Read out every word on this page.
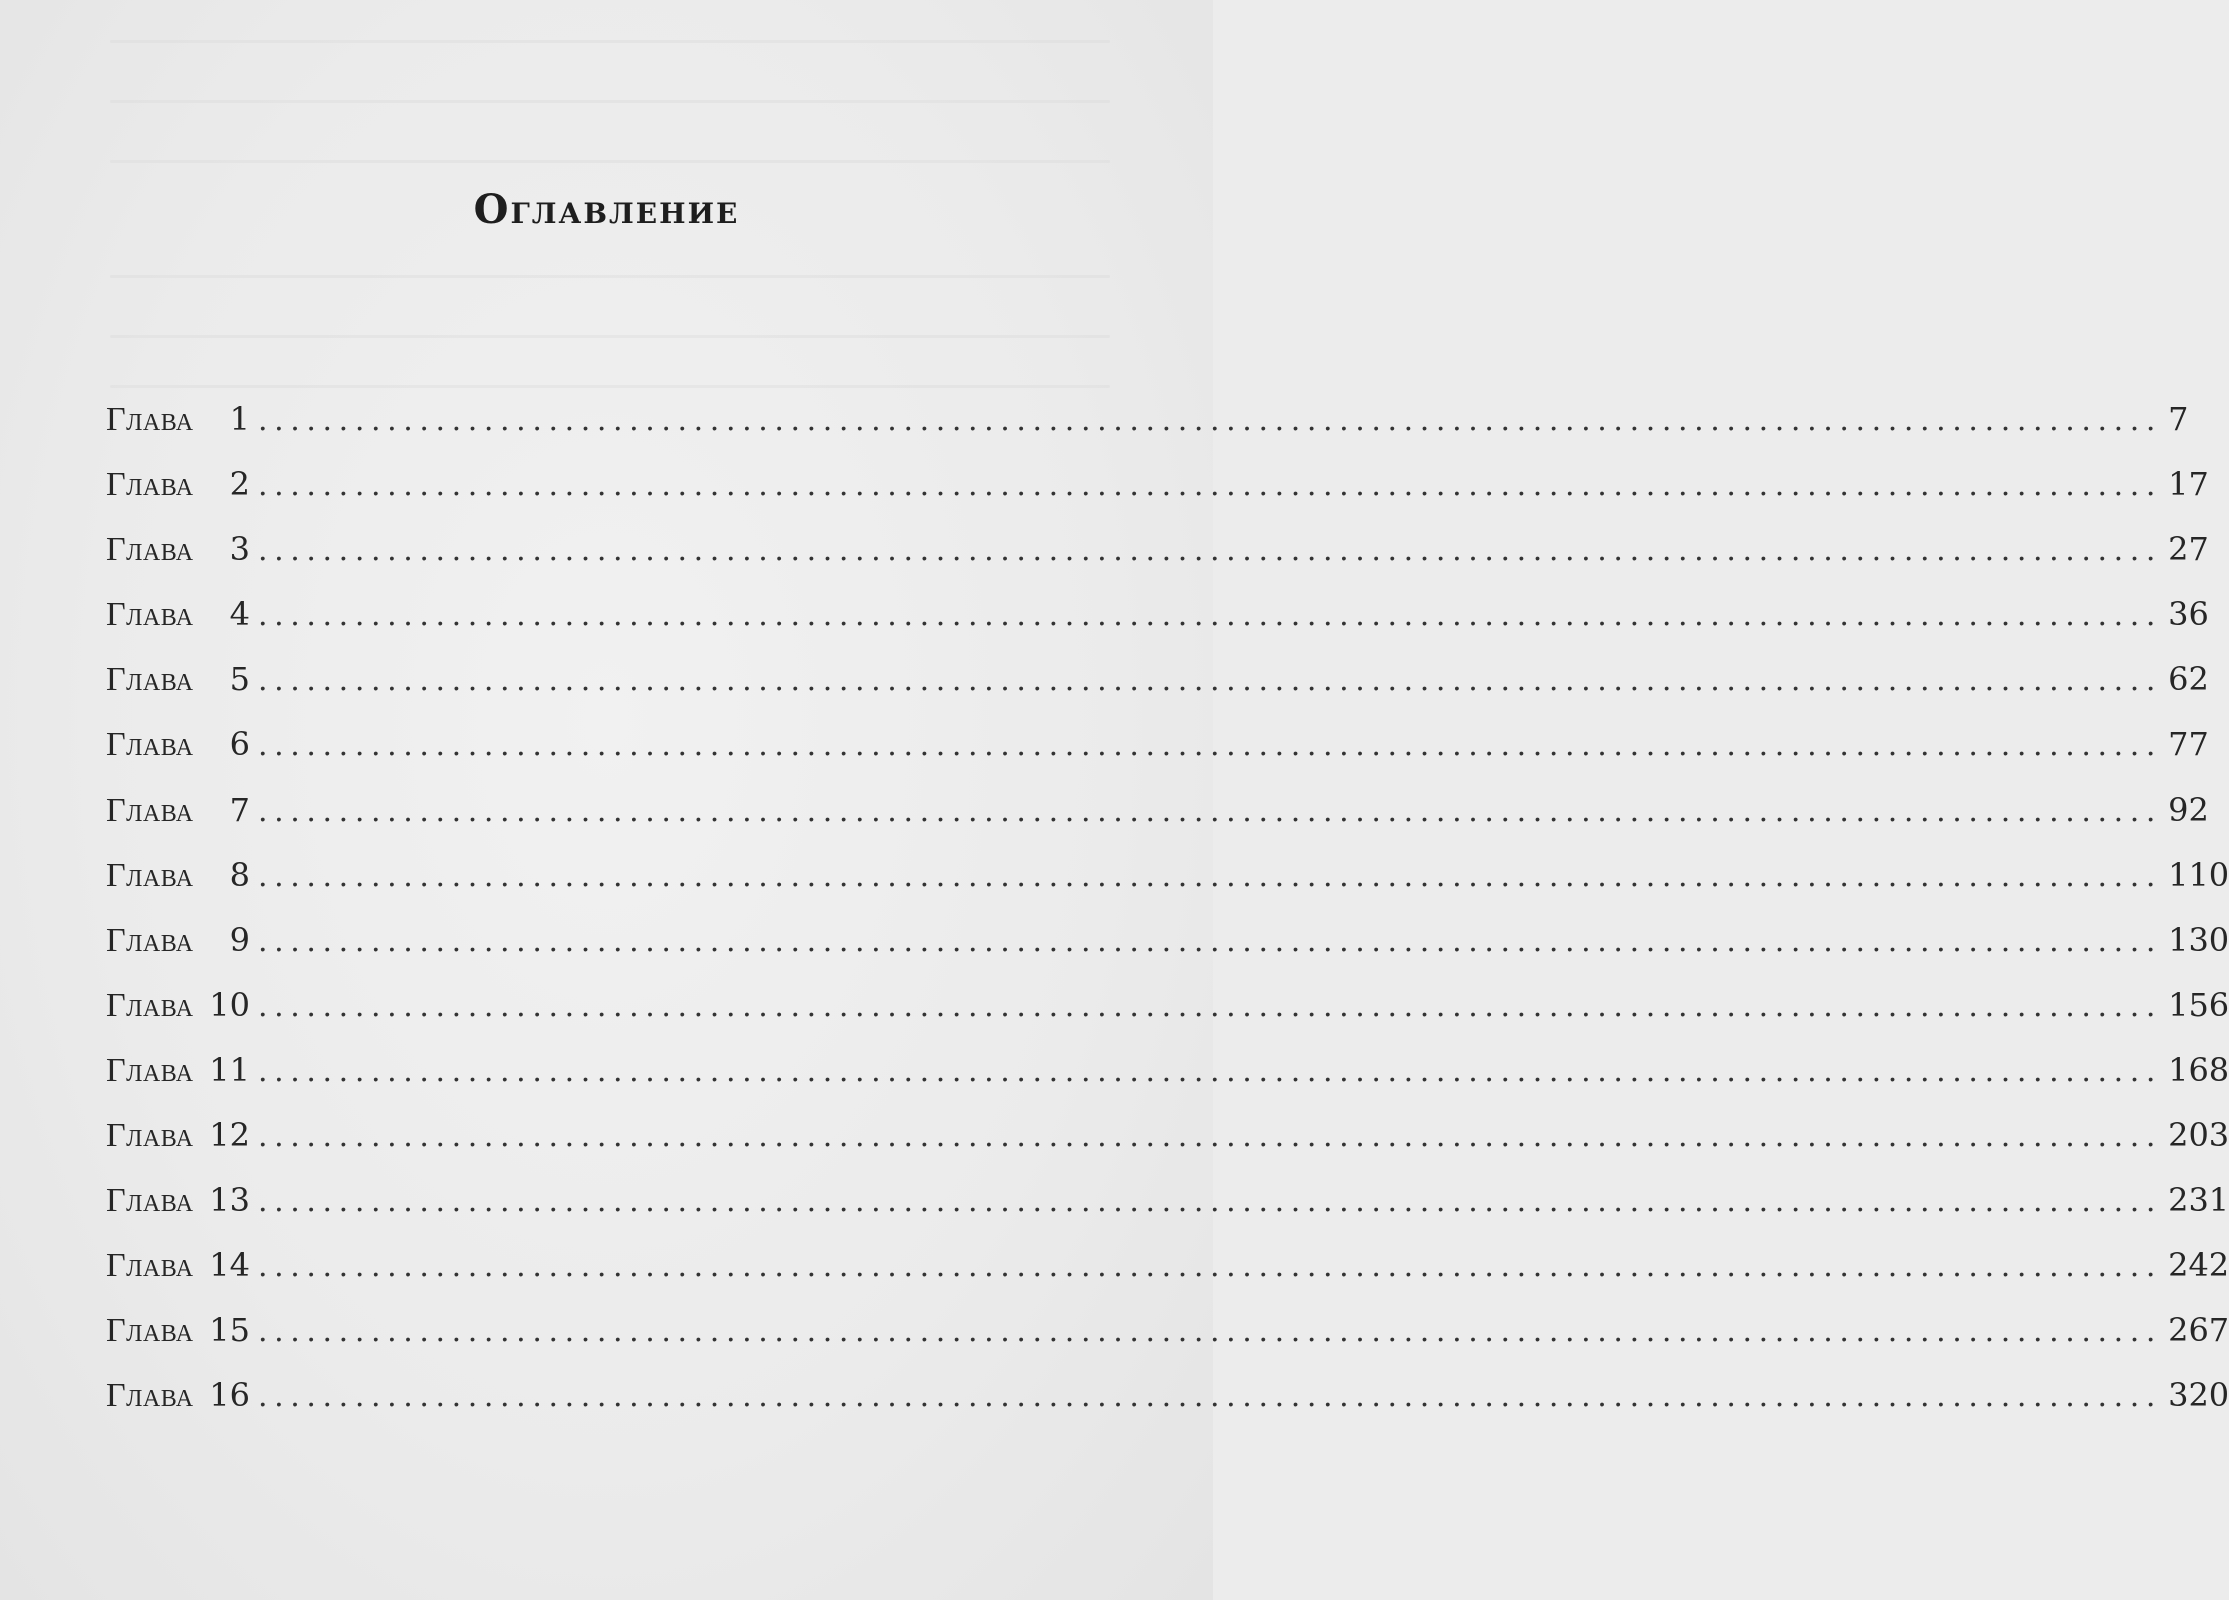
Оглавление
Глава	1 ...................................................................................................................... 7
Глава	2 ...................................................................................................................... 17
Глава	3 ...................................................................................................................... 27
Глава	4 ...................................................................................................................... 36
Глава	5 ...................................................................................................................... 62
Глава	6 ...................................................................................................................... 77
Глава	7 ...................................................................................................................... 92
Глава	8 ...................................................................................................................... 110
Глава	9 ...................................................................................................................... 130
Глава 10 ...................................................................................................................... 156
Глава 11 ...................................................................................................................... 168
Глава 12 ...................................................................................................................... 203
Глава 13 ...................................................................................................................... 231
Глава 14 ...................................................................................................................... 242
Глава 15 ...................................................................................................................... 267
Глава 16 ...................................................................................................................... 320
